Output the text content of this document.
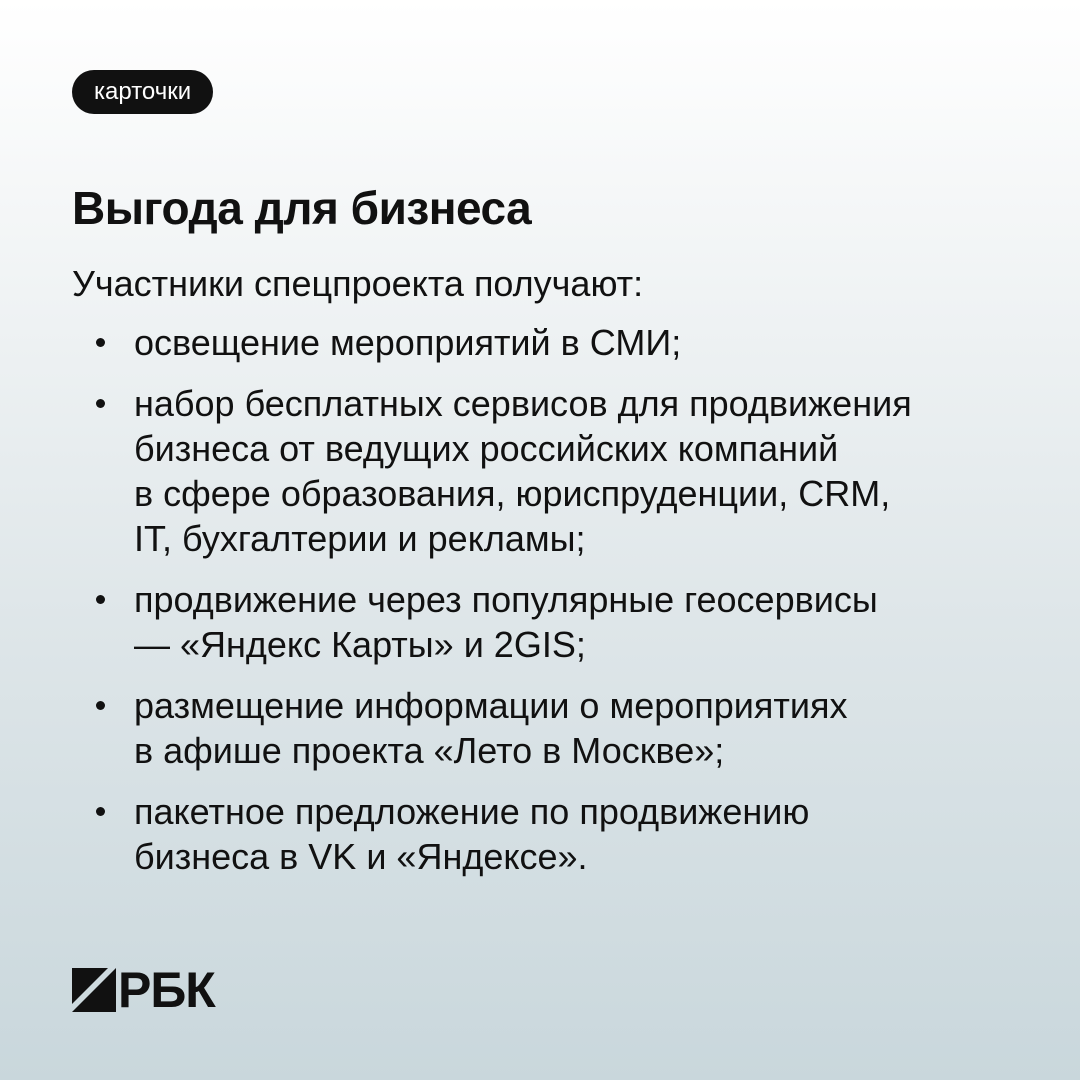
карточки
Выгода для бизнеса

Участники спецпроекта получают:

освещение мероприятий в СМИ;
набор бесплатных сервисов для продвижения
бизнеса от ведущих российских компаний
в сфере образования, юриспруденции, CRM,
IT, бухгалтерии и рекламы;
продвижение через популярные геосервисы
— «Яндекс Карты» и 2GIS;
размещение информации о мероприятиях
в афише проекта «Лето в Москве»;
пакетное предложение по продвижению
бизнеса в VK и «Яндексе».
РБК
